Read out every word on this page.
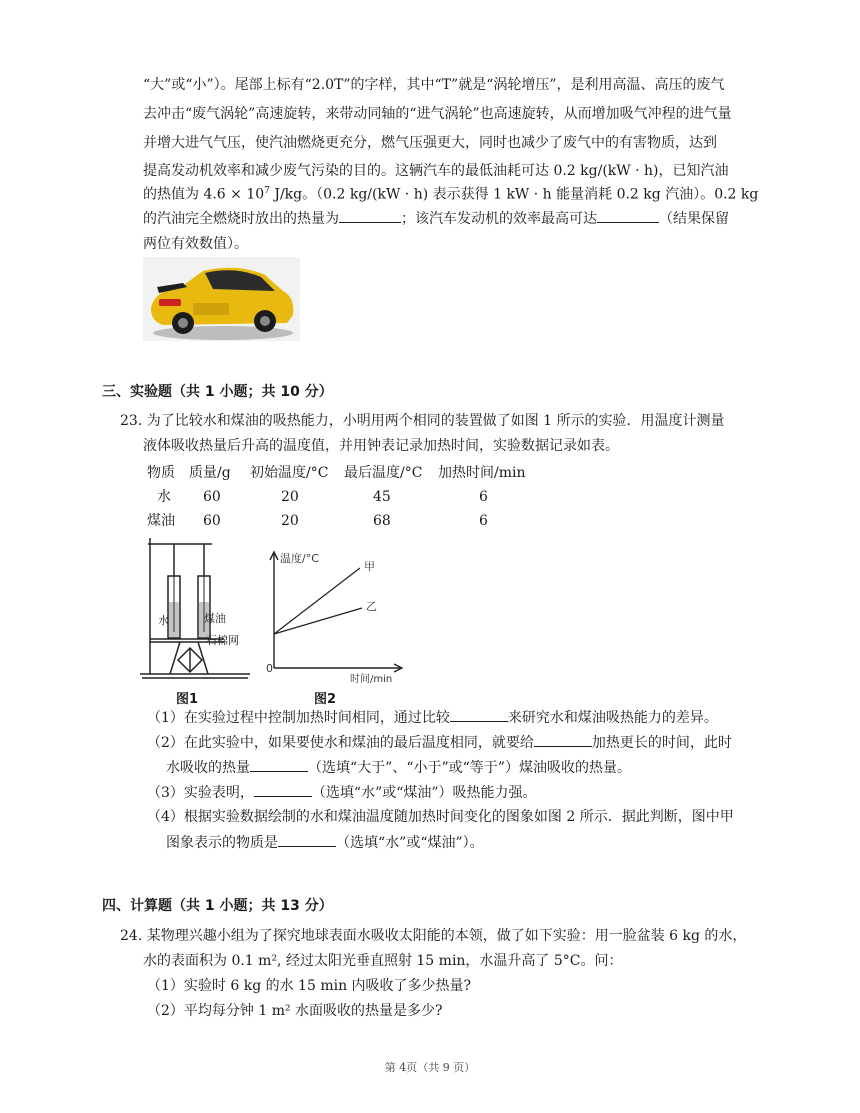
“大”或“小”）。尾部上标有“2.0T”的字样，其中“T”就是“涡轮增压”，是利用高温、高压的废气
去冲击“废气涡轮”高速旋转，来带动同轴的“进气涡轮”也高速旋转，从而增加吸气冲程的进气量
并增大进气气压，使汽油燃烧更充分，燃气压强更大，同时也减少了废气中的有害物质，达到
提高发动机效率和减少废气污染的目的。这辆汽车的最低油耗可达 0.2 kg/(kW · h)，已知汽油
的热值为 $4.6 \times 10^7$ J/kg。（0.2 kg/(kW · h) 表示获得 1 kW · h 能量消耗 0.2 kg 汽油）。0.2 kg
的汽油完全燃烧时放出的热量为	；该汽车发动机的效率最高可达	（结果保留
两位有效数值）。
三、实验题（共 1 小题；共 10 分）
23. 为了比较水和煤油的吸热能力，小明用两个相同的装置做了如图 1 所示的实验．用温度计测量
液体吸收热量后升高的温度值，并用钟表记录加热时间，实验数据记录如表。
物质 质量/g 初始温度/°C 最后温度/°C 加热时间/min
水 60	20	45	6
煤油 60	20	68	6
水	煤油
石棉网
图1
温度/°C
时间/min
0
甲
乙
图2
（1）在实验过程中控制加热时间相同，通过比较	来研究水和煤油吸热能力的差异。
（2）在此实验中，如果要使水和煤油的最后温度相同，就要给	加热更长的时间，此时
水吸收的热量	（选填“大于”、“小于”或“等于”）煤油吸收的热量。
（3）实验表明，	（选填“水”或“煤油”）吸热能力强。
（4）根据实验数据绘制的水和煤油温度随加热时间变化的图象如图 2 所示．据此判断，图中甲
图象表示的物质是	（选填“水”或“煤油”）。
四、计算题（共 1 小题；共 13 分）
24. 某物理兴趣小组为了探究地球表面水吸收太阳能的本领，做了如下实验：用一脸盆装 6 kg 的水，
水的表面积为 0.1 m², 经过太阳光垂直照射 15 min，水温升高了 5°C。问：
（1）实验时 6 kg 的水 15 min 内吸收了多少热量?
（2）平均每分钟 1 m² 水面吸收的热量是多少?
第 4页（共 9 页）
